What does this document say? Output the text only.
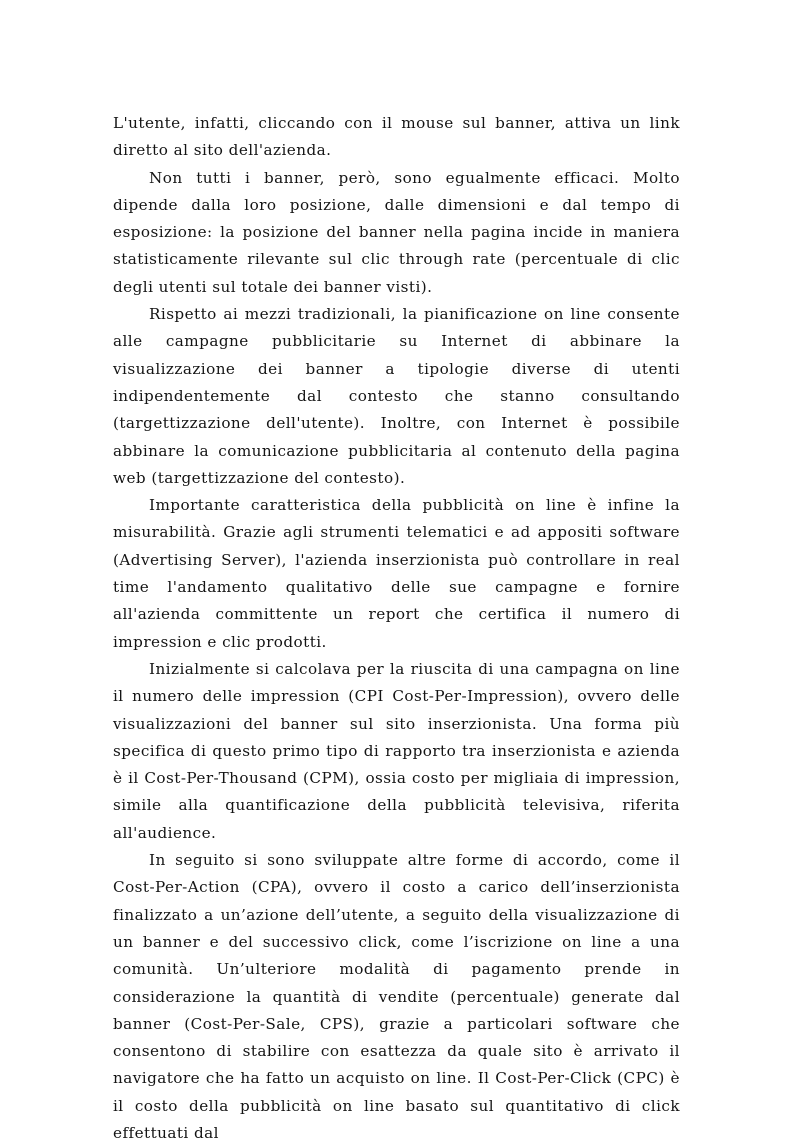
L'utente, infatti, cliccando con il mouse sul banner, attiva un link diretto al sito dell'azienda.

Non tutti i banner, però, sono egualmente efficaci. Molto dipende dalla loro posizione, dalle dimensioni e dal tempo di esposizione: la posizione del banner nella pagina incide in maniera statisticamente rilevante sul clic through rate (percentuale di clic degli utenti sul totale dei banner visti).

Rispetto ai mezzi tradizionali, la pianificazione on line consente alle campagne pubblicitarie su Internet di abbinare la visualizzazione dei banner a tipologie diverse di utenti indipendentemente dal contesto che stanno consultando (targettizzazione dell'utente). Inoltre, con Internet è possibile abbinare la comunicazione pubblicitaria al contenuto della pagina web (targettizzazione del contesto).

Importante caratteristica della pubblicità on line è infine la misurabilità. Grazie agli strumenti telematici e ad appositi software (Advertising Server), l'azienda inserzionista può controllare in real time l'andamento qualitativo delle sue campagne e fornire all'azienda committente un report che certifica il numero di impression e clic prodotti.

Inizialmente si calcolava per la riuscita di una campagna on line il numero delle impression (CPI Cost-Per-Impression), ovvero delle visualizzazioni del banner sul sito inserzionista. Una forma più specifica di questo primo tipo di rapporto tra inserzionista e azienda è il Cost-Per-Thousand (CPM), ossia costo per migliaia di impression, simile alla quantificazione della pubblicità televisiva, riferita all'audience.

In seguito si sono sviluppate altre forme di accordo, come il Cost-Per-Action (CPA), ovvero il costo a carico dell’inserzionista finalizzato a un’azione dell’utente, a seguito della visualizzazione di un banner e del successivo click, come l’iscrizione on line a una comunità. Un’ulteriore modalità di pagamento prende in considerazione la quantità di vendite (percentuale) generate dal banner (Cost-Per-Sale, CPS), grazie a particolari software che consentono di stabilire con esattezza da quale sito è arrivato il navigatore che ha fatto un acquisto on line. Il Cost-Per-Click (CPC) è il costo della pubblicità on line basato sul quantitativo di click effettuati dal
